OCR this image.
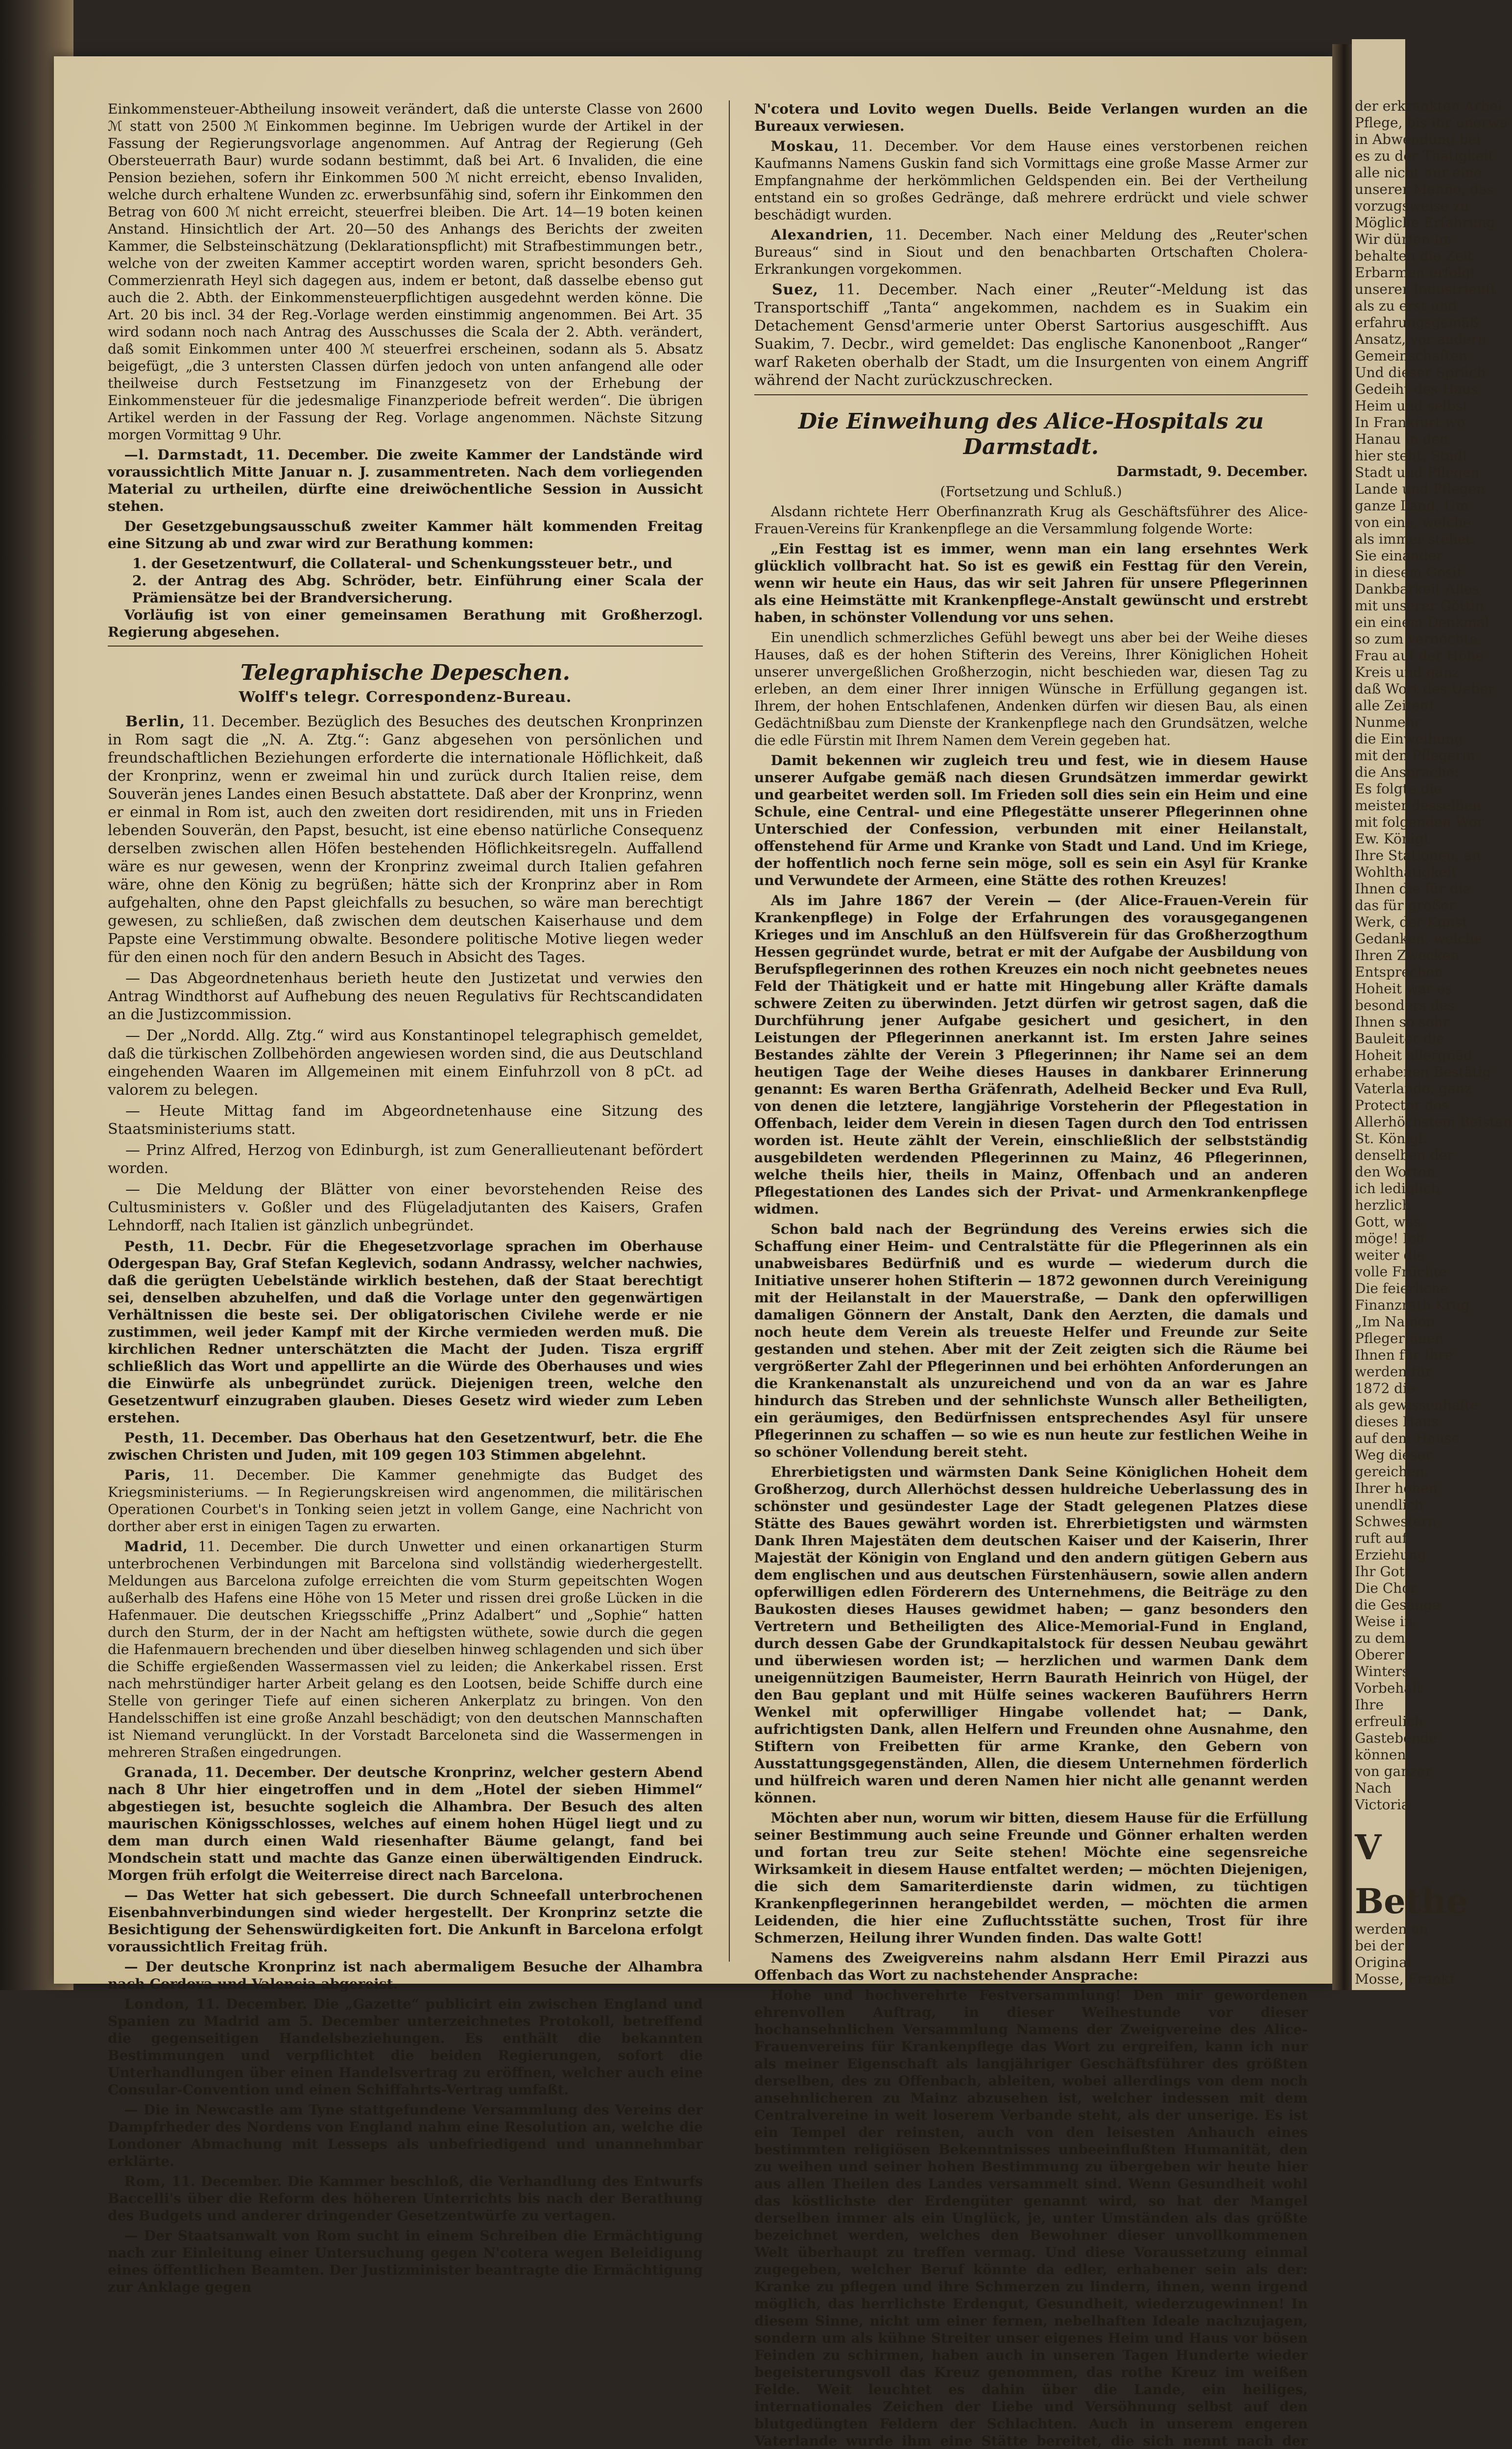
Einkommensteuer-Abtheilung insoweit verändert, daß die unterste Classe von 2600 ℳ statt von 2500 ℳ Einkommen beginne. Im Uebrigen wurde der Artikel in der Fassung der Regierungsvorlage angenommen. Auf Antrag der Regierung (Geh Obersteuerrath Baur) wurde sodann bestimmt, daß bei Art. 6 Invaliden, die eine Pension beziehen, sofern ihr Einkommen 500 ℳ nicht erreicht, ebenso Invaliden, welche durch erhaltene Wunden zc. erwerbsunfähig sind, sofern ihr Einkommen den Betrag von 600 ℳ nicht erreicht, steuerfrei bleiben. Die Art. 14—19 boten keinen Anstand. Hinsichtlich der Art. 20—50 des Anhangs des Berichts der zweiten Kammer, die Selbsteinschätzung (Deklarationspflicht) mit Strafbestimmungen betr., welche von der zweiten Kammer acceptirt worden waren, spricht besonders Geh. Commerzienrath Heyl sich dagegen aus, indem er betont, daß dasselbe ebenso gut auch die 2. Abth. der Einkommensteuerpflichtigen ausgedehnt werden könne. Die Art. 20 bis incl. 34 der Reg.-Vorlage werden einstimmig angenommen. Bei Art. 35 wird sodann noch nach Antrag des Ausschusses die Scala der 2. Abth. verändert, daß somit Einkommen unter 400 ℳ steuerfrei erscheinen, sodann als 5. Absatz beigefügt, „die 3 untersten Classen dürfen jedoch von unten anfangend alle oder theilweise durch Festsetzung im Finanzgesetz von der Erhebung der Einkommensteuer für die jedesmalige Finanzperiode befreit werden“. Die übrigen Artikel werden in der Fassung der Reg. Vorlage angenommen. Nächste Sitzung morgen Vormittag 9 Uhr.

—l. Darmstadt, 11. December. Die zweite Kammer der Landstände wird voraussichtlich Mitte Januar n. J. zusammentreten. Nach dem vorliegenden Material zu urtheilen, dürfte eine dreiwöchentliche Session in Aussicht stehen.

Der Gesetzgebungsausschuß zweiter Kammer hält kommenden Freitag eine Sitzung ab und zwar wird zur Berathung kommen:

1. der Gesetzentwurf, die Collateral- und Schenkungssteuer betr., und

2. der Antrag des Abg. Schröder, betr. Einführung einer Scala der Prämiensätze bei der Brandversicherung.

Vorläufig ist von einer gemeinsamen Berathung mit Großherzogl. Regierung abgesehen.

Telegraphische Depeschen.
Wolff's telegr. Correspondenz-Bureau.

Berlin, 11. December. Bezüglich des Besuches des deutschen Kronprinzen in Rom sagt die „N. A. Ztg.“: Ganz abgesehen von persönlichen und freundschaftlichen Beziehungen erforderte die internationale Höflichkeit, daß der Kronprinz, wenn er zweimal hin und zurück durch Italien reise, dem Souverän jenes Landes einen Besuch abstattete. Daß aber der Kronprinz, wenn er einmal in Rom ist, auch den zweiten dort residirenden, mit uns in Frieden lebenden Souverän, den Papst, besucht, ist eine ebenso natürliche Consequenz derselben zwischen allen Höfen bestehenden Höflichkeitsregeln. Auffallend wäre es nur gewesen, wenn der Kronprinz zweimal durch Italien gefahren wäre, ohne den König zu begrüßen; hätte sich der Kronprinz aber in Rom aufgehalten, ohne den Papst gleichfalls zu besuchen, so wäre man berechtigt gewesen, zu schließen, daß zwischen dem deutschen Kaiserhause und dem Papste eine Verstimmung obwalte. Besondere politische Motive liegen weder für den einen noch für den andern Besuch in Absicht des Tages.

— Das Abgeordnetenhaus berieth heute den Justizetat und verwies den Antrag Windthorst auf Aufhebung des neuen Regulativs für Rechtscandidaten an die Justizcommission.

— Der „Nordd. Allg. Ztg.“ wird aus Konstantinopel telegraphisch gemeldet, daß die türkischen Zollbehörden angewiesen worden sind, die aus Deutschland eingehenden Waaren im Allgemeinen mit einem Einfuhrzoll von 8 pCt. ad valorem zu belegen.

— Heute Mittag fand im Abgeordnetenhause eine Sitzung des Staatsministeriums statt.

— Prinz Alfred, Herzog von Edinburgh, ist zum Generallieutenant befördert worden.

— Die Meldung der Blätter von einer bevorstehenden Reise des Cultusministers v. Goßler und des Flügeladjutanten des Kaisers, Grafen Lehndorff, nach Italien ist gänzlich unbegründet.

Pesth, 11. Decbr. Für die Ehegesetzvorlage sprachen im Oberhause Odergespan Bay, Graf Stefan Keglevich, sodann Andrassy, welcher nachwies, daß die gerügten Uebelstände wirklich bestehen, daß der Staat berechtigt sei, denselben abzuhelfen, und daß die Vorlage unter den gegenwärtigen Verhältnissen die beste sei. Der obligatorischen Civilehe werde er nie zustimmen, weil jeder Kampf mit der Kirche vermieden werden muß. Die kirchlichen Redner unterschätzten die Macht der Juden. Tisza ergriff schließlich das Wort und appellirte an die Würde des Oberhauses und wies die Einwürfe als unbegründet zurück. Diejenigen treen, welche den Gesetzentwurf einzugraben glauben. Dieses Gesetz wird wieder zum Leben erstehen.

Pesth, 11. December. Das Oberhaus hat den Gesetzentwurf, betr. die Ehe zwischen Christen und Juden, mit 109 gegen 103 Stimmen abgelehnt.

Paris, 11. December. Die Kammer genehmigte das Budget des Kriegsministeriums. — In Regierungskreisen wird angenommen, die militärischen Operationen Courbet's in Tonking seien jetzt in vollem Gange, eine Nachricht von dorther aber erst in einigen Tagen zu erwarten.

Madrid, 11. December. Die durch Unwetter und einen orkanartigen Sturm unterbrochenen Verbindungen mit Barcelona sind vollständig wiederhergestellt. Meldungen aus Barcelona zufolge erreichten die vom Sturm gepeitschten Wogen außerhalb des Hafens eine Höhe von 15 Meter und rissen drei große Lücken in die Hafenmauer. Die deutschen Kriegsschiffe „Prinz Adalbert“ und „Sophie“ hatten durch den Sturm, der in der Nacht am heftigsten wüthete, sowie durch die gegen die Hafenmauern brechenden und über dieselben hinweg schlagenden und sich über die Schiffe ergießenden Wassermassen viel zu leiden; die Ankerkabel rissen. Erst nach mehrstündiger harter Arbeit gelang es den Lootsen, beide Schiffe durch eine Stelle von geringer Tiefe auf einen sicheren Ankerplatz zu bringen. Von den Handelsschiffen ist eine große Anzahl beschädigt; von den deutschen Mannschaften ist Niemand verunglückt. In der Vorstadt Barceloneta sind die Wassermengen in mehreren Straßen eingedrungen.

Granada, 11. December. Der deutsche Kronprinz, welcher gestern Abend nach 8 Uhr hier eingetroffen und in dem „Hotel der sieben Himmel“ abgestiegen ist, besuchte sogleich die Alhambra. Der Besuch des alten maurischen Königsschlosses, welches auf einem hohen Hügel liegt und zu dem man durch einen Wald riesenhafter Bäume gelangt, fand bei Mondschein statt und machte das Ganze einen überwältigenden Eindruck. Morgen früh erfolgt die Weiterreise direct nach Barcelona.

— Das Wetter hat sich gebessert. Die durch Schneefall unterbrochenen Eisenbahnverbindungen sind wieder hergestellt. Der Kronprinz setzte die Besichtigung der Sehenswürdigkeiten fort. Die Ankunft in Barcelona erfolgt voraussichtlich Freitag früh.

— Der deutsche Kronprinz ist nach abermaligem Besuche der Alhambra nach Cordova und Valencia abgereist.

London, 11. December. Die „Gazette“ publicirt ein zwischen England und Spanien zu Madrid am 5. December unterzeichnetes Protokoll, betreffend die gegenseitigen Handelsbeziehungen. Es enthält die bekannten Bestimmungen und verpflichtet die beiden Regierungen, sofort die Unterhandlungen über einen Handelsvertrag zu eröffnen, welcher auch eine Consular-Convention und einen Schiffahrts-Vertrag umfaßt.

— Die in Newcastle am Tyne stattgefundene Versammlung des Vereins der Dampfrheder des Nordens von England nahm eine Resolution an, welche die Londoner Abmachung mit Lesseps als unbefriedigend und unannehmbar erklärte.

Rom, 11. December. Die Kammer beschloß, die Verhandlung des Entwurfs Baccelli's über die Reform des höheren Unterrichts bis nach der Berathung des Budgets und anderer dringender Gesetzentwürfe zu vertagen.

— Der Staatsanwalt von Rom sucht in einem Schreiben die Ermächtigung nach zur Einleitung einer Untersuchung gegen N'cotera wegen Beleidigung eines öffentlichen Beamten. Der Justizminister beantragte die Ermächtigung zur Anklage gegen

N'cotera und Lovito wegen Duells. Beide Verlangen wurden an die Bureaux verwiesen.

Moskau, 11. December. Vor dem Hause eines verstorbenen reichen Kaufmanns Namens Guskin fand sich Vormittags eine große Masse Armer zur Empfangnahme der herkömmlichen Geldspenden ein. Bei der Vertheilung entstand ein so großes Gedränge, daß mehrere erdrückt und viele schwer beschädigt wurden.

Alexandrien, 11. December. Nach einer Meldung des „Reuter'schen Bureaus“ sind in Siout und den benachbarten Ortschaften Cholera-Erkrankungen vorgekommen.

Suez, 11. December. Nach einer „Reuter“-Meldung ist das Transportschiff „Tanta“ angekommen, nachdem es in Suakim ein Detachement Gensd'armerie unter Oberst Sartorius ausgeschifft. Aus Suakim, 7. Decbr., wird gemeldet: Das englische Kanonenboot „Ranger“ warf Raketen oberhalb der Stadt, um die Insurgenten von einem Angriff während der Nacht zurückzuschrecken.

Die Einweihung des Alice-Hospitals zu Darmstadt.

Darmstadt, 9. December.

(Fortsetzung und Schluß.)

Alsdann richtete Herr Oberfinanzrath Krug als Geschäftsführer des Alice-Frauen-Vereins für Krankenpflege an die Versammlung folgende Worte:

„Ein Festtag ist es immer, wenn man ein lang ersehntes Werk glücklich vollbracht hat. So ist es gewiß ein Festtag für den Verein, wenn wir heute ein Haus, das wir seit Jahren für unsere Pflegerinnen als eine Heimstätte mit Krankenpflege-Anstalt gewünscht und erstrebt haben, in schönster Vollendung vor uns sehen.

Ein unendlich schmerzliches Gefühl bewegt uns aber bei der Weihe dieses Hauses, daß es der hohen Stifterin des Vereins, Ihrer Königlichen Hoheit unserer unvergeßlichen Großherzogin, nicht beschieden war, diesen Tag zu erleben, an dem einer Ihrer innigen Wünsche in Erfüllung gegangen ist. Ihrem, der hohen Entschlafenen, Andenken dürfen wir diesen Bau, als einen Gedächtnißbau zum Dienste der Krankenpflege nach den Grundsätzen, welche die edle Fürstin mit Ihrem Namen dem Verein gegeben hat.

Damit bekennen wir zugleich treu und fest, wie in diesem Hause unserer Aufgabe gemäß nach diesen Grundsätzen immerdar gewirkt und gearbeitet werden soll. Im Frieden soll dies sein ein Heim und eine Schule, eine Central- und eine Pflegestätte unserer Pflegerinnen ohne Unterschied der Confession, verbunden mit einer Heilanstalt, offenstehend für Arme und Kranke von Stadt und Land. Und im Kriege, der hoffentlich noch ferne sein möge, soll es sein ein Asyl für Kranke und Verwundete der Armeen, eine Stätte des rothen Kreuzes!

Als im Jahre 1867 der Verein — (der Alice-Frauen-Verein für Krankenpflege) in Folge der Erfahrungen des vorausgegangenen Krieges und im Anschluß an den Hülfsverein für das Großherzogthum Hessen gegründet wurde, betrat er mit der Aufgabe der Ausbildung von Berufspflegerinnen des rothen Kreuzes ein noch nicht geebnetes neues Feld der Thätigkeit und er hatte mit Hingebung aller Kräfte damals schwere Zeiten zu überwinden. Jetzt dürfen wir getrost sagen, daß die Durchführung jener Aufgabe gesichert und gesichert, in den Leistungen der Pflegerinnen anerkannt ist. Im ersten Jahre seines Bestandes zählte der Verein 3 Pflegerinnen; ihr Name sei an dem heutigen Tage der Weihe dieses Hauses in dankbarer Erinnerung genannt: Es waren Bertha Gräfenrath, Adelheid Becker und Eva Rull, von denen die letztere, langjährige Vorsteherin der Pflegestation in Offenbach, leider dem Verein in diesen Tagen durch den Tod entrissen worden ist. Heute zählt der Verein, einschließlich der selbstständig ausgebildeten werdenden Pflegerinnen zu Mainz, 46 Pflegerinnen, welche theils hier, theils in Mainz, Offenbach und an anderen Pflegestationen des Landes sich der Privat- und Armenkrankenpflege widmen.

Schon bald nach der Begründung des Vereins erwies sich die Schaffung einer Heim- und Centralstätte für die Pflegerinnen als ein unabweisbares Bedürfniß und es wurde — wiederum durch die Initiative unserer hohen Stifterin — 1872 gewonnen durch Vereinigung mit der Heilanstalt in der Mauerstraße, — Dank den opferwilligen damaligen Gönnern der Anstalt, Dank den Aerzten, die damals und noch heute dem Verein als treueste Helfer und Freunde zur Seite gestanden und stehen. Aber mit der Zeit zeigten sich die Räume bei vergrößerter Zahl der Pflegerinnen und bei erhöhten Anforderungen an die Krankenanstalt als unzureichend und von da an war es Jahre hindurch das Streben und der sehnlichste Wunsch aller Betheiligten, ein geräumiges, den Bedürfnissen entsprechendes Asyl für unsere Pflegerinnen zu schaffen — so wie es nun heute zur festlichen Weihe in so schöner Vollendung bereit steht.

Ehrerbietigsten und wärmsten Dank Seine Königlichen Hoheit dem Großherzog, durch Allerhöchst dessen huldreiche Ueberlassung des in schönster und gesündester Lage der Stadt gelegenen Platzes diese Stätte des Baues gewährt worden ist. Ehrerbietigsten und wärmsten Dank Ihren Majestäten dem deutschen Kaiser und der Kaiserin, Ihrer Majestät der Königin von England und den andern gütigen Gebern aus dem englischen und aus deutschen Fürstenhäusern, sowie allen andern opferwilligen edlen Förderern des Unternehmens, die Beiträge zu den Baukosten dieses Hauses gewidmet haben; — ganz besonders den Vertretern und Betheiligten des Alice-Memorial-Fund in England, durch dessen Gabe der Grundkapitalstock für dessen Neubau gewährt und überwiesen worden ist; — herzlichen und warmen Dank dem uneigennützigen Baumeister, Herrn Baurath Heinrich von Hügel, der den Bau geplant und mit Hülfe seines wackeren Bauführers Herrn Wenkel mit opferwilliger Hingabe vollendet hat; — Dank, aufrichtigsten Dank, allen Helfern und Freunden ohne Ausnahme, den Stiftern von Freibetten für arme Kranke, den Gebern von Ausstattungsgegenständen, Allen, die diesem Unternehmen förderlich und hülfreich waren und deren Namen hier nicht alle genannt werden können.

Möchten aber nun, worum wir bitten, diesem Hause für die Erfüllung seiner Bestimmung auch seine Freunde und Gönner erhalten werden und fortan treu zur Seite stehen! Möchte eine segensreiche Wirksamkeit in diesem Hause entfaltet werden; — möchten Diejenigen, die sich dem Samariterdienste darin widmen, zu tüchtigen Krankenpflegerinnen herangebildet werden, — möchten die armen Leidenden, die hier eine Zufluchtsstätte suchen, Trost für ihre Schmerzen, Heilung ihrer Wunden finden. Das walte Gott!

Namens des Zweigvereins nahm alsdann Herr Emil Pirazzi aus Offenbach das Wort zu nachstehender Ansprache:

Hohe und hochverehrte Festversammlung! Den mir gewordenen ehrenvollen Auftrag, in dieser Weihestunde vor dieser hochansehnlichen Versammlung Namens der Zweigvereine des Alice-Frauenvereins für Krankenpflege das Wort zu ergreifen, kann ich nur als meiner Eigenschaft als langjähriger Geschäftsführer des größten derselben, des zu Offenbach, ableiten, wobei allerdings von dem noch ansehnlicheren zu Mainz abzusehen ist, welcher indessen mit dem Centralvereine in weit loserem Verbande steht, als der unserige. Es ist ein Tempel der reinsten, auch von den leisesten Anhauch eines bestimmten religiösen Bekenntnisses unbeeinflußten Humanität, den zu weihen und seiner hohen Bestimmung zu übergeben wir heute hier aus allen Theilen des Landes versammelt sind. Wenn Gesundheit wohl das köstlichste der Erdengüter genannt wird, so hat der Mangel derselben immer als ein Unglück, je, unter Umständen als das größte bezeichnet werden, welches den Bewohner dieser unvollkommenen Welt überhaupt zu treffen vermag. Und diese Voraussetzung einmal zugegeben, welcher Beruf könnte da edler, erhabener sein als der: Kranke zu pflegen und ihre Schmerzen zu lindern, ihnen, wenn irgend möglich, das herrlichste Erdengut, Gesundheit, wiederzugewinnen! In diesem Sinne, nicht um einer fernen, nebelhaften Ideale nachzujagen, sondern um als kühne Streiter unser eigenes Heim und Haus vor bösen Feinden zu schirmen, haben auch in unseren Tagen Hunderte wieder begeisterungsvoll das Kreuz genommen, das rothe Kreuz im weißen Felde. Weit leuchtet es dahin über die Lande, ein heiliges, internationales Zeichen der Liebe und Versöhnung selbst auf den blutgedüngten Feldern der Schlachten. Auch in unserem engeren Vaterlande wurde ihm eine Stätte bereitet, die sich nennt nach der

der erkrankten Arbei
Pflege, bis ihr unerwa
in Abwendung bei
es zu der Thätigkeit
alle nicht nur eine
unserer Manne, das
vorzugsweise zu
Mögliche Erfahrung
Wir dürfen im
behalten die Zeit
Erbarmen erfolgt
unserer Industrieuft
als zu erst und
erfahrungsgemäß
Ansatz, vor andern
Gemeinschaften
Und dieser Sprüch
Gedeiht des Haus
Heim und selbst
In Frankfurt wo
Hanau in den
hier steht, Stadt
Stadt und Pflegen
Lande und Pflegen
ganze Land, Um
von eine, welche
als immer stehet.
Sie einander
in diesem Gesit
Dankbarkeit Alles
mit unserer Göttin
ein einem Denkmal
so zum vernöchte.
Frau auf der Höhe
Kreis und ganz
daß Wort des Ueber
alle Zeiten!
Nunmehr
die Einweihung
mit den Pflegerin
die Ansprache:
Es folgte die
meister desselben
mit folgenden Wor
Ew. Königl.
Ihre Stationen, an
Wohlthätigkeit
Ihnen die für die
das für großer
Werk, der Kunst
Gedanken, welche
Ihren Zwecken
Entsprechen
Hoheit war es
besonders des
Ihnen so sehr
Bauleiter die
Hoheit allergnäd
erhabenen Bestätig
Vaterlande, ganz
Protector des
Allerhöchstem Beistan
St. Königl.
denselben der
den Worten:
ich lediglich
herzlich
Gott, was
möge! Ich
weiter die
volle Früchte
Die feierliche
Finanzrath Krug
„Im Namen
Pflegerinnen
Ihnen für Ihre
werden für
1872 die
als gewissenhafte
dieses Haus
auf dem Hause
Weg dieser
gereichen.
Ihrer hohen
unendlich
Schwestern
ruft auf
Erziehung
Ihr Gott
Die Chor
die Gesänge
Weise in
zu dem
Oberer
Winters
Vorbehalt
Ihre
erfreulich
Gastebende
können
von ganzer
Nach
Victoria
V
Bethe
werden an
bei der
Original
Mosse, Frankf
